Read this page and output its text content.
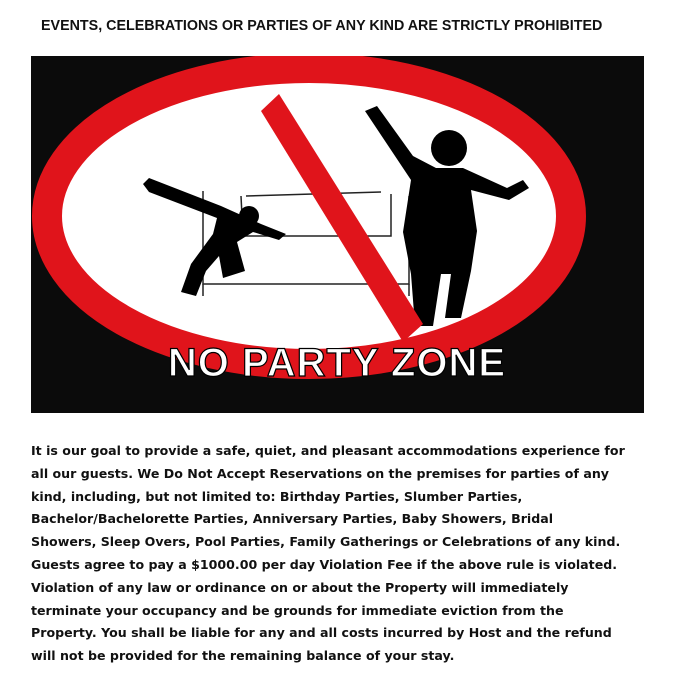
EVENTS, CELEBRATIONS OR PARTIES OF ANY KIND ARE STRICTLY PROHIBITED
NO PARTY ZONE
It is our goal to provide a safe, quiet, and pleasant accommodations experience for
all our guests. We Do Not Accept Reservations on the premises for parties of any
kind, including, but not limited to: Birthday Parties, Slumber Parties,
Bachelor/Bachelorette Parties, Anniversary Parties, Baby Showers, Bridal
Showers, Sleep Overs, Pool Parties, Family Gatherings or Celebrations of any kind.
Guests agree to pay a $1000.00 per day Violation Fee if the above rule is violated.
Violation of any law or ordinance on or about the Property will immediately
terminate your occupancy and be grounds for immediate eviction from the
Property. You shall be liable for any and all costs incurred by Host and the refund
will not be provided for the remaining balance of your stay.
